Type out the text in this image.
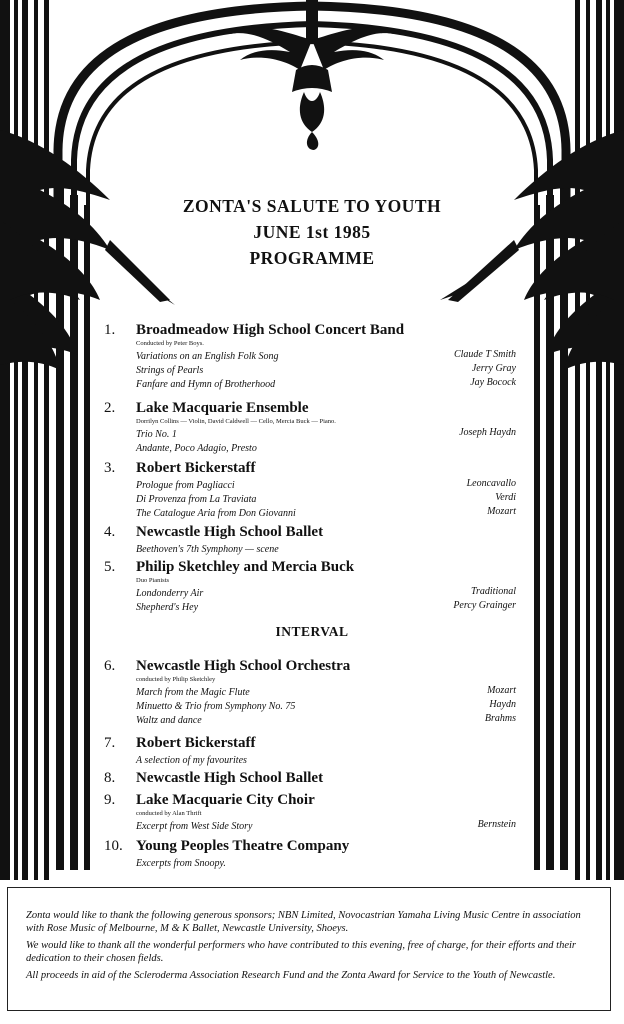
ZONTA'S SALUTE TO YOUTH
JUNE 1st 1985
PROGRAMME
1. Broadmeadow High School Concert Band
Conducted by Peter Boys.
Variations on an English Folk Song	Claude T Smith
Strings of Pearls	Jerry Gray
Fanfare and Hymn of Brotherhood	Jay Bocock
2. Lake Macquarie Ensemble
Dorrilyn Collins — Violin, David Caldwell — Cello, Mercia Buck — Piano.
Trio No. 1	Joseph Haydn
Andante, Poco Adagio, Presto
3. Robert Bickerstaff
Prologue from Pagliacci	Leoncavallo
Di Provenza from La Traviata	Verdi
The Catalogue Aria from Don Giovanni	Mozart
4. Newcastle High School Ballet
Beethoven's 7th Symphony — scene
5. Philip Sketchley and Mercia Buck
Duo Pianists
Londonderry Air	Traditional
Shepherd's Hey	Percy Grainger
6. Newcastle High School Orchestra
conducted by Philip Sketchley
March from the Magic Flute	Mozart
Minuetto & Trio from Symphony No. 75	Haydn
Waltz and dance	Brahms
7. Robert Bickerstaff
A selection of my favourites
8. Newcastle High School Ballet
9. Lake Macquarie City Choir
conducted by Alan Thrift
Excerpt from West Side Story	Bernstein
10. Young Peoples Theatre Company
Excerpts from Snoopy.
INTERVAL

Zonta would like to thank the following generous sponsors; NBN Limited, Novocastrian Yamaha Living Music Centre in association with Rose Music of Melbourne, M & K Ballet, Newcastle University, Shoeys.

We would like to thank all the wonderful performers who have contributed to this evening, free of charge, for their efforts and their dedication to their chosen fields.

All proceeds in aid of the Scleroderma Association Research Fund and the Zonta Award for Service to the Youth of Newcastle.
